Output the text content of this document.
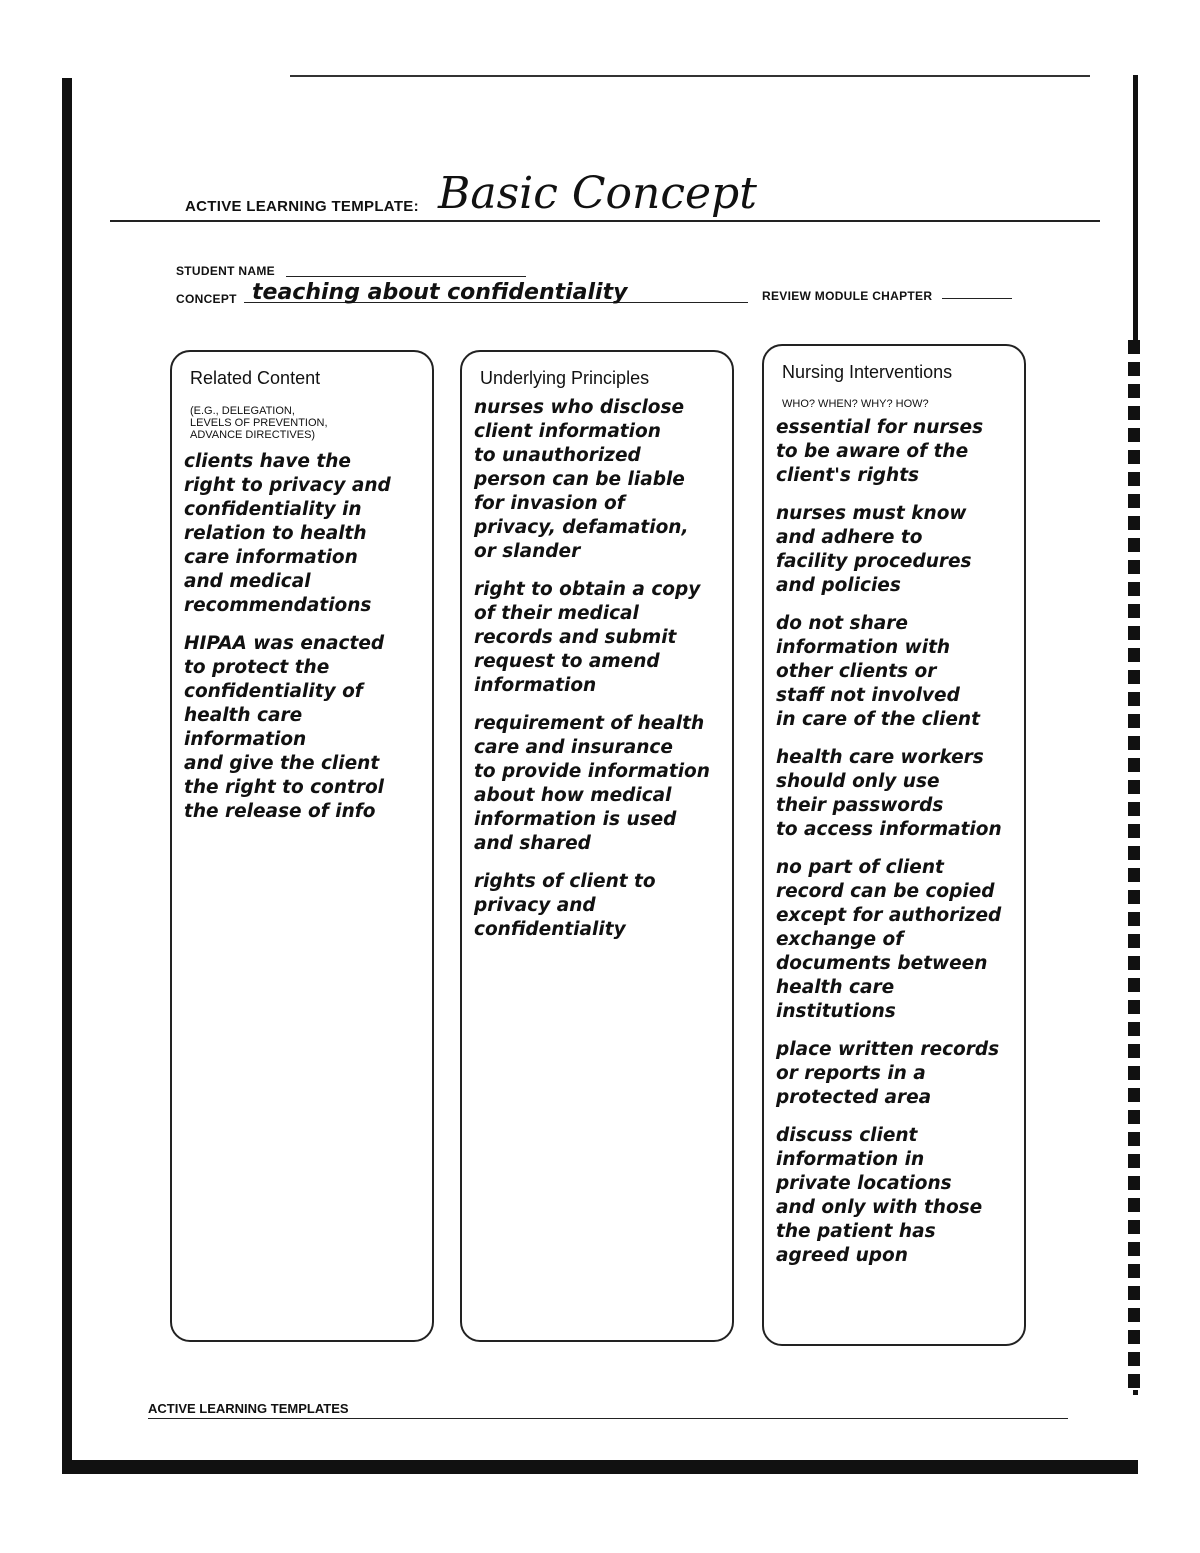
ACTIVE LEARNING TEMPLATE: Basic Concept
STUDENT NAME
CONCEPT teaching about confidentiality	REVIEW MODULE CHAPTER
Related Content
(E.G., DELEGATION,
LEVELS OF PREVENTION,
ADVANCE DIRECTIVES)
clients have the
right to privacy and
confidentiality in
relation to health
care information
and medical
recommendations
HIPAA was enacted
to protect the
confidentiality of
health care information
and give the client
the right to control
the release of info
Underlying Principles
nurses who disclose
client information
to unauthorized
person can be liable
for invasion of
privacy, defamation,
or slander
right to obtain a copy
of their medical
records and submit
request to amend
information
requirement of health
care and insurance
to provide information
about how medical
information is used
and shared
rights of client to
privacy and
confidentiality
Nursing Interventions
WHO? WHEN? WHY? HOW?
essential for nurses
to be aware of the
client's rights
nurses must know
and adhere to
facility procedures
and policies
do not share
information with
other clients or
staff not involved
in care of the client
health care workers
should only use
their passwords
to access information
no part of client
record can be copied
except for authorized
exchange of
documents between
health care
institutions
place written records
or reports in a
protected area
discuss client
information in
private locations
and only with those
the patient has
agreed upon
ACTIVE LEARNING TEMPLATES
